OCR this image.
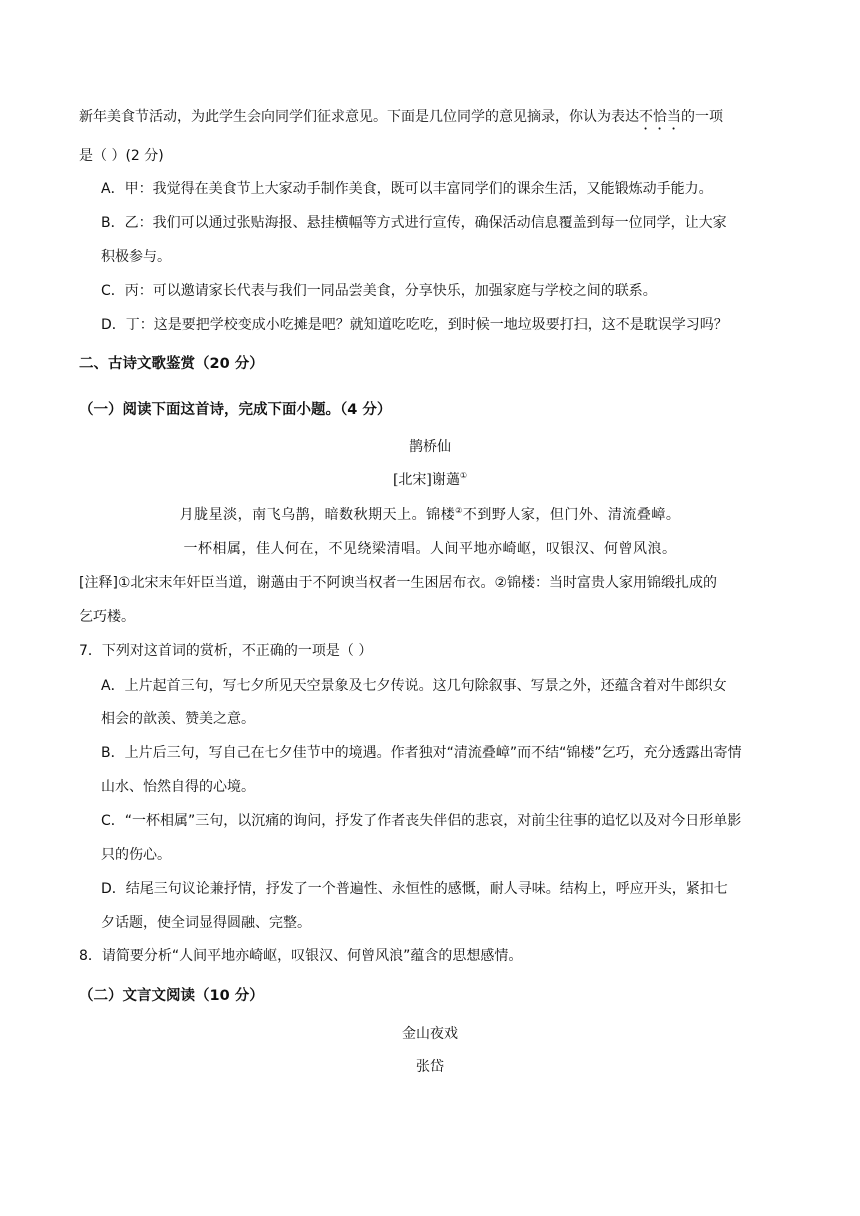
新年美食节活动，为此学生会向同学们征求意见。下面是几位同学的意见摘录，你认为表达不恰当的一项
是（ ）(2 分)
A．甲：我觉得在美食节上大家动手制作美食，既可以丰富同学们的课余生活，又能锻炼动手能力。
B．乙：我们可以通过张贴海报、悬挂横幅等方式进行宣传，确保活动信息覆盖到每一位同学，让大家
积极参与。
C．丙：可以邀请家长代表与我们一同品尝美食，分享快乐，加强家庭与学校之间的联系。
D．丁：这是要把学校变成小吃摊是吧？就知道吃吃吃，到时候一地垃圾要打扫，这不是耽误学习吗？
二、古诗文歌鉴赏（20 分）
（一）阅读下面这首诗，完成下面小题。（4 分）
鹊桥仙
[北宋]谢薖①
月胧星淡，南飞乌鹊，暗数秋期天上。锦楼②不到野人家，但门外、清流叠嶂。
一杯相属，佳人何在，不见绕梁清唱。人间平地亦崎岖，叹银汉、何曾风浪。
[注释]①北宋末年奸臣当道，谢薖由于不阿谀当权者一生困居布衣。②锦楼：当时富贵人家用锦缎扎成的
乞巧楼。
7．下列对这首词的赏析，不正确的一项是（ ）
A．上片起首三句，写七夕所见天空景象及七夕传说。这几句除叙事、写景之外，还蕴含着对牛郎织女
相会的歆羡、赞美之意。
B．上片后三句，写自己在七夕佳节中的境遇。作者独对“清流叠嶂”而不结“锦楼”乞巧，充分透露出寄情
山水、怡然自得的心境。
C．“一杯相属”三句，以沉痛的询问，抒发了作者丧失伴侣的悲哀，对前尘往事的追忆以及对今日形单影
只的伤心。
D．结尾三句议论兼抒情，抒发了一个普遍性、永恒性的感慨，耐人寻味。结构上，呼应开头，紧扣七
夕话题，使全词显得圆融、完整。
8．请简要分析“人间平地亦崎岖，叹银汉、何曾风浪”蕴含的思想感情。
（二）文言文阅读（10 分）
金山夜戏
张岱
